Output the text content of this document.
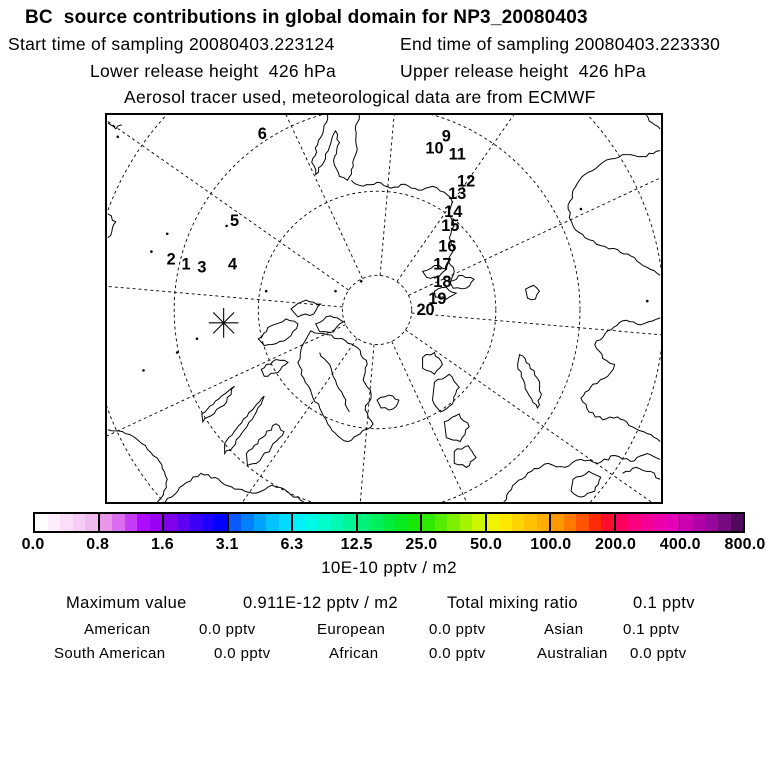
BC  source contributions in global domain for NP3_20080403
Start time of sampling 20080403.223124	End time of sampling 20080403.223330
Lower release height  426 hPa	Upper release height  426 hPa
Aerosol tracer used, meteorological data are from ECMWF
1
2 3 4
5
6	9
10 11
12
13
14
15
16
17
18
19
20
0.0	0.8	1.6	3.1	6.3 12.5 25.0 50.0 100.0 200.0 400.0 800.0
10E-10 pptv / m2
Maximum value	0.911E-12 pptv / m2	Total mixing ratio	0.1 pptv
American	0.0 pptv	European	0.0 pptv	Asian	0.1 pptv
South American	0.0 pptv	African	0.0 pptv	Australian 0.0 pptv
